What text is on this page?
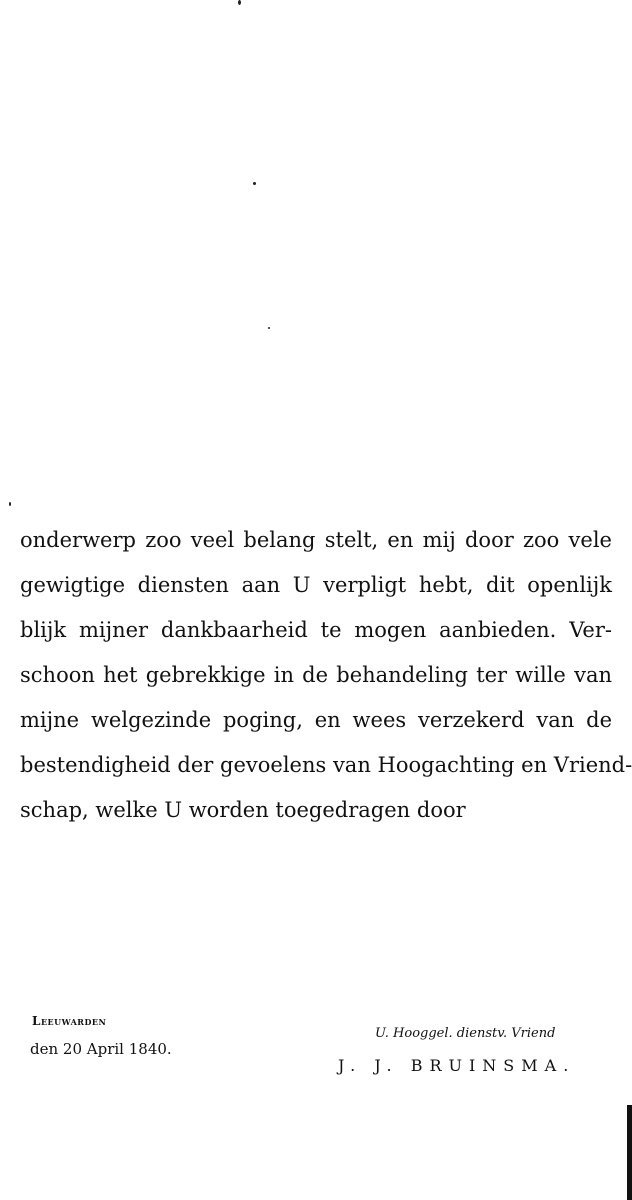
onderwerp zoo veel belang stelt, en mij door zoo vele
gewigtige diensten aan U verpligt hebt, dit openlijk
blijk mijner dankbaarheid te mogen aanbieden. Ver-
schoon het gebrekkige in de behandeling ter wille van
mijne welgezinde poging, en wees verzekerd van de
bestendigheid der gevoelens van Hoogachting en Vriend-
schap, welke U worden toegedragen door
Leeuwarden
den 20 April 1840.
U. Hooggel. dienstv. Vriend
J. J. BRUINSMA.
